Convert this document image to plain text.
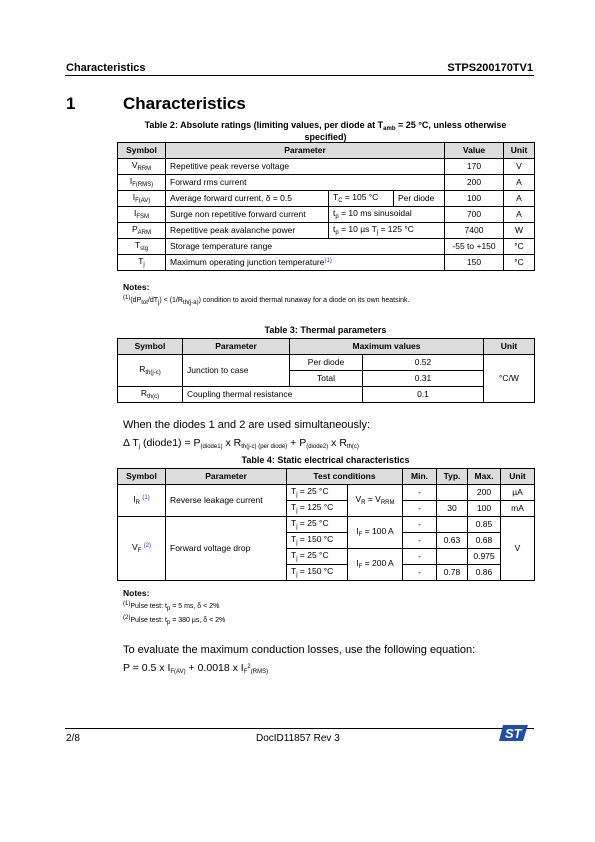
Characteristics	STPS200170TV1
1	Characteristics
Table 2: Absolute ratings (limiting values, per diode at $T_{amb} = 25$ °C, unless otherwise
specified)
Symbol	Parameter			Value	Unit
$V_{RRM}$	Repetitive peak reverse voltage			170	V
$I_{F(RMS)}$	Forward rms current			200	A
$I_{F(AV)}$	Average forward current, δ = 0.5	$T_C = 105$ °C	Per diode	100	A
$I_{FSM}$	Surge non repetitive forward current	$t_p = 10$ ms sinusoidal		700	A
$P_{ARM}$	Repetitive peak avalanche power	$t_p = 10$ µs $T_j = 125$ °C		7400	W
$T_{stg}$	Storage temperature range			-55 to +150	°C
$T_j$	Maximum operating junction temperature$^{(1)}$			150	°C
Notes:
$^{(1)}(dP_{tot}/dT_j) < (1/R_{th(j-a)})$ condition to avoid thermal runaway for a diode on its own heatsink.
Table 3: Thermal parameters
Symbol	Parameter	Maximum values		Unit
$R_{th(j-c)}$	Junction to case	Per diode	0.52	°C/W
		Total	0.31	
$R_{th(c)}$	Coupling thermal resistance		0.1	
When the diodes 1 and 2 are used simultaneously:
Δ $T_j$ (diode1) = $P_{(diode1)}$ x $R_{th(j-c) (per diode)} + P_{(diode2)}$ x $R_{th(c)}$
Table 4: Static electrical characteristics
Symbol	Parameter	Test conditions		Min.	Typ.	Max.	Unit
$I_R$ $^{(1)}$	Reverse leakage current	$T_j = 25$ °C	$V_R = V_{RRM}$	-		200	µA
		$T_j = 125$ °C		-	30	100	mA
$V_F$ $^{(2)}$	Forward voltage drop	$T_j = 25$ °C	$I_F = 100$ A	-		0.85	V
		$T_j = 150$ °C		-	0.63	0.68	
		$T_j = 25$ °C	$I_F = 200$ A	-		0.975	
		$T_j = 150$ °C		-	0.78	0.86	
Notes:
$^{(1)}$Pulse test: $t_p = 5$ ms, δ < 2%
$^{(2)}$Pulse test: $t_p = 380$ µs, δ < 2%
To evaluate the maximum conduction losses, use the following equation:
P = 0.5 x $I_{F(AV)} + 0.0018$ x $I_F^2_{(RMS)}$
2/8	DocID11857 Rev 3	ST
